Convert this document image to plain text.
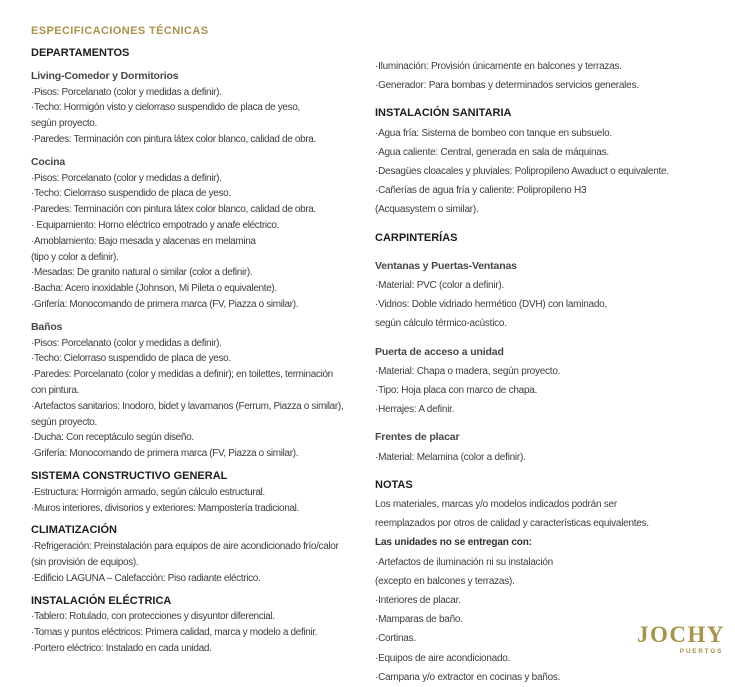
ESPECIFICACIONES TÉCNICAS
DEPARTAMENTOS
Living-Comedor y Dormitorios
·Pisos: Porcelanato (color y medidas a definir).
·Techo: Hormigón visto y cielorraso suspendido de placa de yeso,
según proyecto.
·Paredes: Terminación con pintura látex color blanco, calidad de obra.
Cocina
·Pisos: Porcelanato (color y medidas a definir).
·Techo: Cielorraso suspendido de placa de yeso.
·Paredes: Terminación con pintura látex color blanco, calidad de obra.
· Equipamiento: Horno eléctrico empotrado y anafe eléctrico.
·Amoblamiento: Bajo mesada y alacenas en melamina
(tipo y color a definir).
·Mesadas: De granito natural o similar (color a definir).
·Bacha: Acero inoxidable (Johnson, Mi Pileta o equivalente).
·Grifería: Monocomando de primera marca (FV, Piazza o similar).
Baños
·Pisos: Porcelanato (color y medidas a definir).
·Techo: Cielorraso suspendido de placa de yeso.
·Paredes: Porcelanato (color y medidas a definir); en toilettes, terminación
con pintura.
·Artefactos sanitarios: Inodoro, bidet y lavamanos (Ferrum, Piazza o similar),
según proyecto.
·Ducha: Con receptáculo según diseño.
·Grifería: Monocomando de primera marca (FV, Piazza o similar).
SISTEMA CONSTRUCTIVO GENERAL
·Estructura: Hormigón armado, según cálculo estructural.
·Muros interiores, divisorios y exteriores: Mampostería tradicional.
CLIMATIZACIÓN
·Refrigeración: Preinstalación para equipos de aire acondicionado frío/calor
(sin provisión de equipos).
·Edificio LAGUNA – Calefacción: Piso radiante eléctrico.
INSTALACIÓN ELÉCTRICA
·Tablero: Rotulado, con protecciones y disyuntor diferencial.
·Tomas y puntos eléctricos: Primera calidad, marca y modelo a definir.
·Portero eléctrico: Instalado en cada unidad.
·Iluminación: Provisión únicamente en balcones y terrazas.
·Generador: Para bombas y determinados servicios generales.
INSTALACIÓN SANITARIA
·Agua fría: Sistema de bombeo con tanque en subsuelo.
·Agua caliente: Central, generada en sala de máquinas.
·Desagües cloacales y pluviales: Polipropileno Awaduct o equivalente.
·Cañerías de agua fría y caliente: Polipropileno H3
(Acquasystem o similar).
CARPINTERÍAS
Ventanas y Puertas-Ventanas
·Material: PVC (color a definir).
·Vidrios: Doble vidriado hermético (DVH) con laminado,
según cálculo térmico-acústico.
Puerta de acceso a unidad
·Material: Chapa o madera, según proyecto.
·Tipo: Hoja placa con marco de chapa.
·Herrajes: A definir.
Frentes de placar
·Material: Melamina (color a definir).
NOTAS
Los materiales, marcas y/o modelos indicados podrán ser
reemplazados por otros de calidad y características equivalentes.
Las unidades no se entregan con:
·Artefactos de iluminación ni su instalación
(excepto en balcones y terrazas).
·Interiores de placar.
·Mamparas de baño.
·Cortinas.
·Equipos de aire acondicionado.
·Campana y/o extractor en cocinas y baños.
JOCHY
PUERTOS
